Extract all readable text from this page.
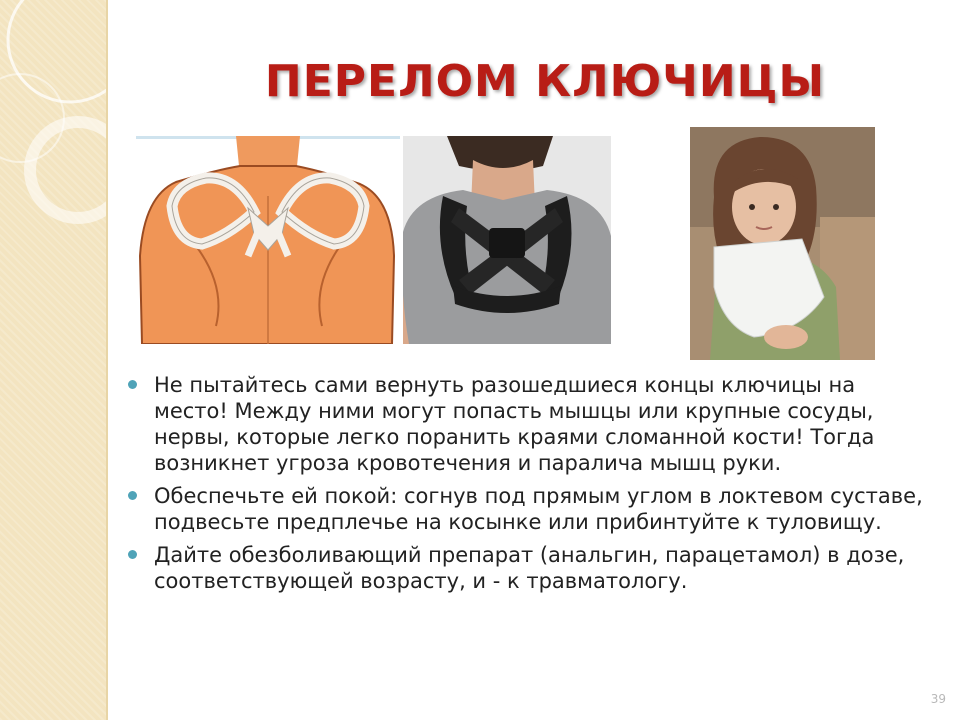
ПЕРЕЛОМ КЛЮЧИЦЫ
Не пытайтесь сами вернуть разошедшиеся концы ключицы на место! Между ними могут попасть мышцы или крупные сосуды, нервы, которые легко поранить краями сломанной кости! Тогда возникнет угроза кровотечения и паралича мышц руки.
Обеспечьте ей покой: согнув под прямым углом в локтевом суставе, подвесьте предплечье на косынке или прибинтуйте к туловищу.
Дайте обезболивающий препарат (анальгин, парацетамол) в дозе, соответствующей возрасту, и - к травматологу.
39
